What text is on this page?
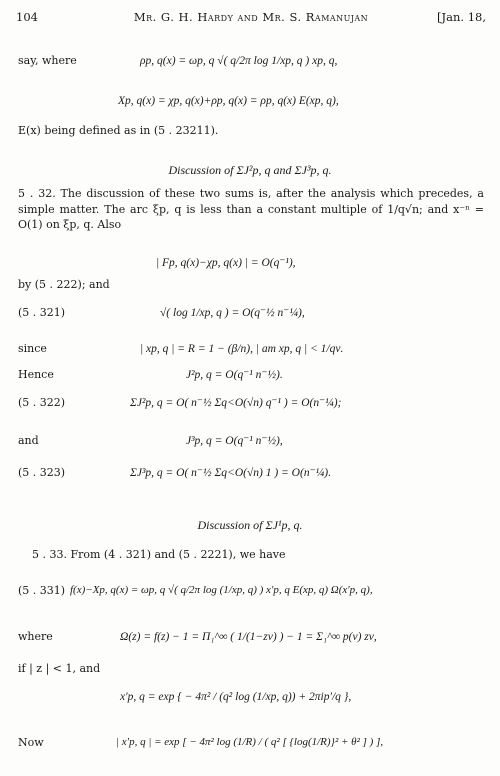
104	Mr. G. H. Hardy and Mr. S. Ramanujan	[Jan. 18,
say, where	ρp, q(x) = ωp, q √( q/2π log 1/xp, q ) xp, q,
Xp, q(x) = χp, q(x)+ρp, q(x) = ρp, q(x) E(xp, q),
E(x) being defined as in (5 . 23211).
Discussion of ΣJ²p, q and ΣJ³p, q.
5 . 32. The discussion of these two sums is, after the analysis which precedes, a simple matter. The arc ξp, q is less than a constant multiple of 1/q√n; and x⁻ⁿ = O(1) on ξp, q. Also
| Fp, q(x)−χp, q(x) | = O(q⁻¹),
by (5 . 222); and
(5 . 321)	√( log 1/xp, q ) = O(q⁻½ n⁻¼),
since	| xp, q | = R = 1 − (β/n), | am xp, q | < 1/qν.
Hence	J²p, q = O(q⁻¹ n⁻½).
(5 . 322)	ΣJ²p, q = O( n⁻½ Σq<O(√n) q⁻¹ ) = O(n⁻¼);
and	J³p, q = O(q⁻¹ n⁻½),
(5 . 323)	ΣJ³p, q = O( n⁻½ Σq<O(√n) 1 ) = O(n⁻¼).
Discussion of ΣJ¹p, q.
5 . 33. From (4 . 321) and (5 . 2221), we have
(5 . 331) f(x)−Xp, q(x) = ωp, q √( q/2π log (1/xp, q) ) x′p, q E(xp, q) Ω(x′p, q),
where	Ω(z) = f(z) − 1 = Π₁^∞ ( 1/(1−zν) ) − 1 = Σ₁^∞ p(ν) zν,
if | z | < 1, and
x′p, q = exp { − 4π² / (q² log (1/xp, q)) + 2πip′/q },
Now	| x′p, q | = exp [ − 4π² log (1/R) / ( q² [ {log(1/R)}² + θ² ] ) ],
